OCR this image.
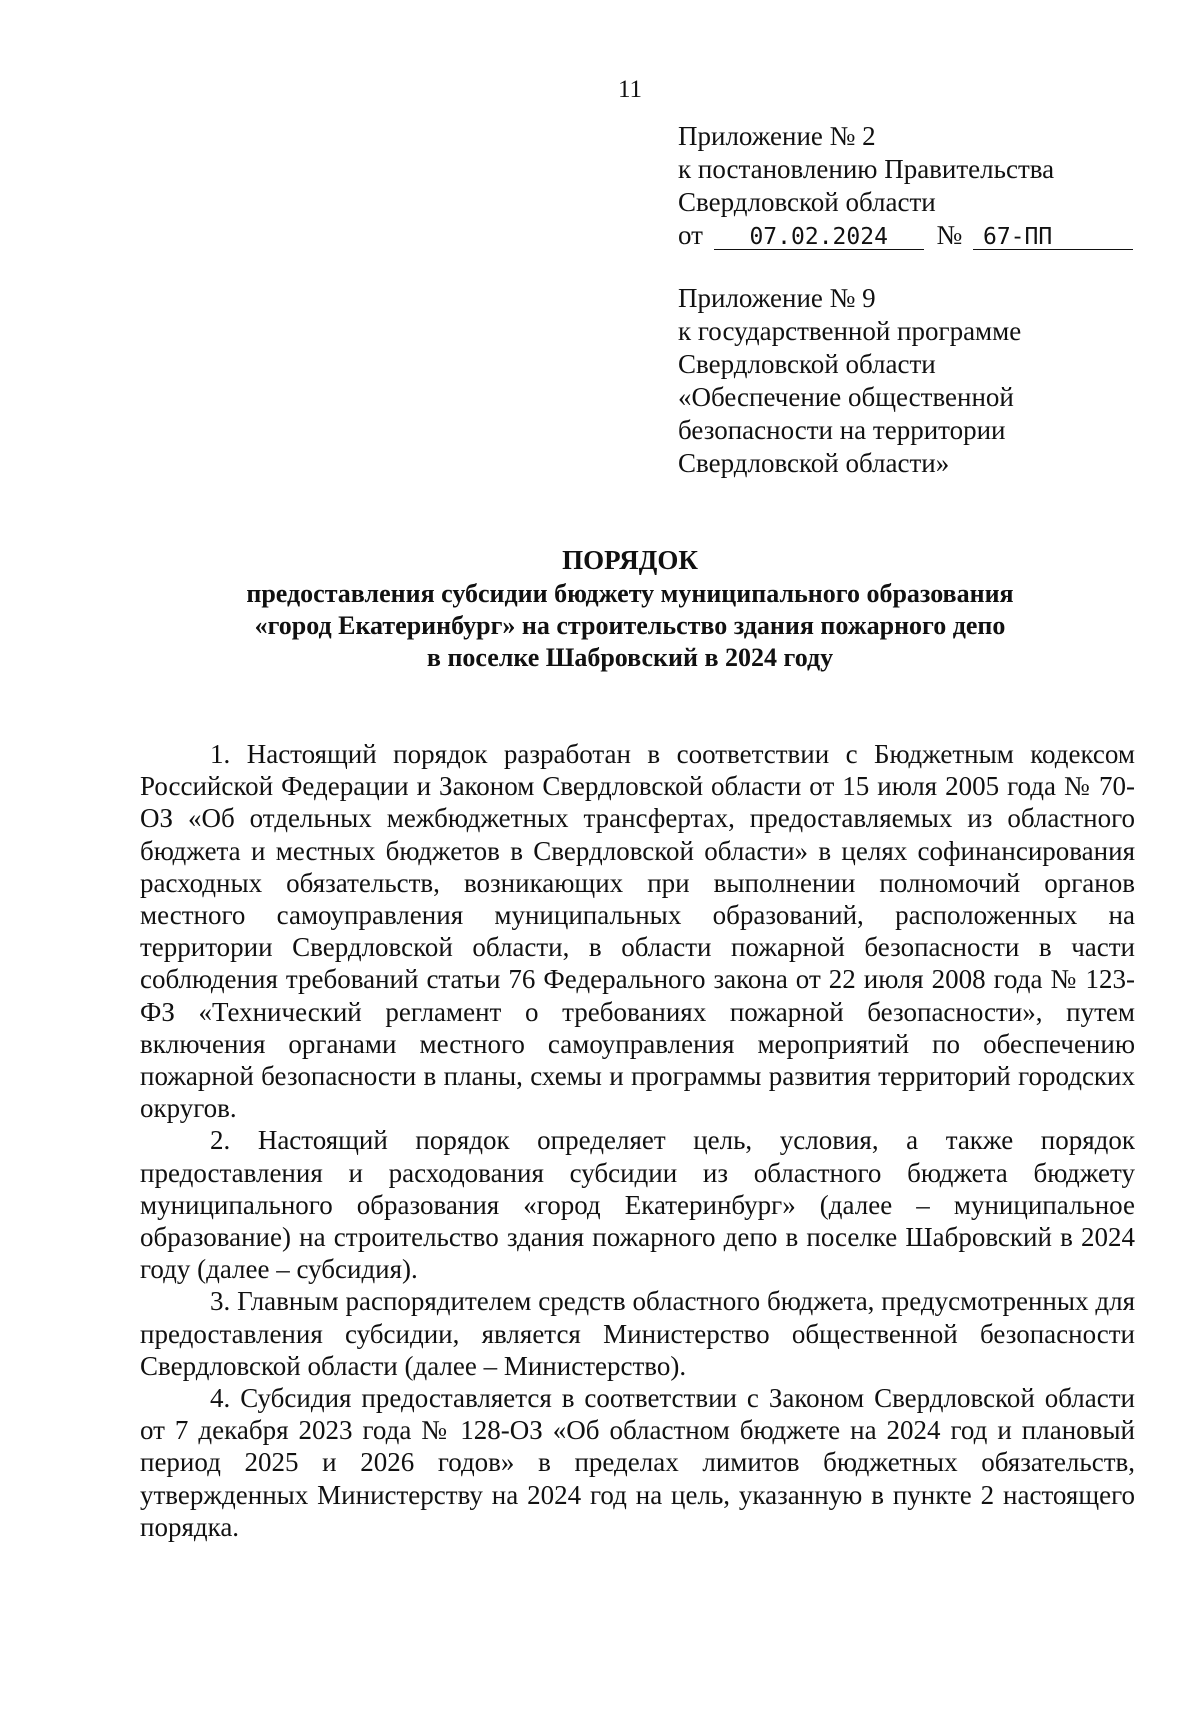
11
Приложение № 2
к постановлению Правительства
Свердловской области
от 07.02.2024 № 67-ПП
Приложение № 9
к государственной программе
Свердловской области
«Обеспечение общественной
безопасности на территории
Свердловской области»
ПОРЯДОК
предоставления субсидии бюджету муниципального образования
«город Екатеринбург» на строительство здания пожарного депо
в поселке Шабровский в 2024 году

1. Настоящий порядок разработан в соответствии с Бюджетным кодексом Российской Федерации и Законом Свердловской области от 15 июля 2005 года № 70-ОЗ «Об отдельных межбюджетных трансфертах, предоставляемых из областного бюджета и местных бюджетов в Свердловской области» в целях софинансирования расходных обязательств, возникающих при выполнении полномочий органов местного самоуправления муниципальных образований, расположенных на территории Свердловской области, в области пожарной безопасности в части соблюдения требований статьи 76 Федерального закона от 22 июля 2008 года № 123-ФЗ «Технический регламент о требованиях пожарной безопасности», путем включения органами местного самоуправления мероприятий по обеспечению пожарной безопасности в планы, схемы и программы развития территорий городских округов.

2. Настоящий порядок определяет цель, условия, а также порядок предоставления и расходования субсидии из областного бюджета бюджету муниципального образования «город Екатеринбург» (далее – муниципальное образование) на строительство здания пожарного депо в поселке Шабровский в 2024 году (далее – субсидия).

3. Главным распорядителем средств областного бюджета, предусмотренных для предоставления субсидии, является Министерство общественной безопасности Свердловской области (далее – Министерство).

4. Субсидия предоставляется в соответствии с Законом Свердловской области от 7 декабря 2023 года № 128-ОЗ «Об областном бюджете на 2024 год и плановый период 2025 и 2026 годов» в пределах лимитов бюджетных обязательств, утвержденных Министерству на 2024 год на цель, указанную в пункте 2 настоящего порядка.
